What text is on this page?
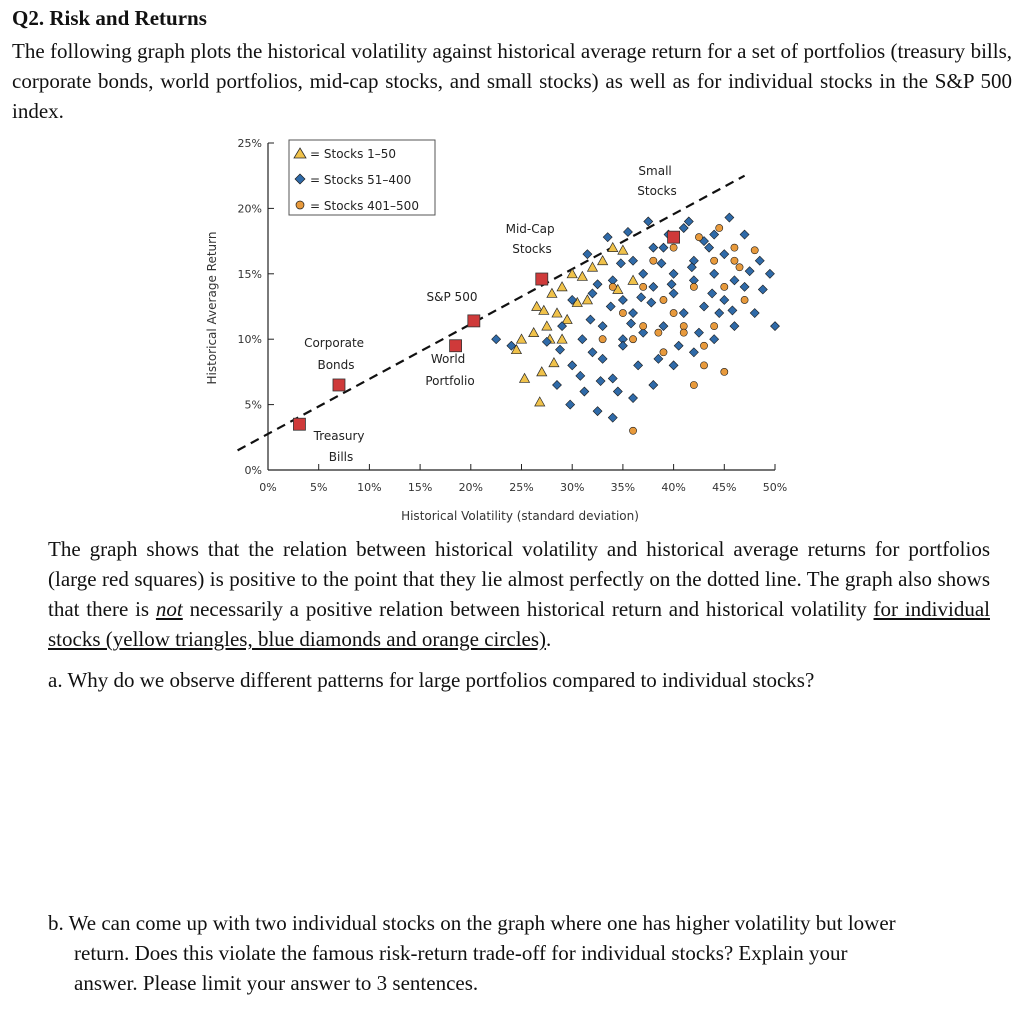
Q2. Risk and Returns

The following graph plots the historical volatility against historical average return for a set of portfolios (treasury bills, corporate bonds, world portfolios, mid-cap stocks, and small stocks) as well as for individual stocks in the S&P 500 index.

0%
5%
10%
15%
20%
25%
0%	5%	10% 15% 20% 25% 30% 35% 40% 45% 50%
Historical Average Return
Historical Volatility (standard deviation)
= Stocks 1–50
= Stocks 51–400
= Stocks 401–500
Treasury Bills
Corporate Bonds	World Portfolio
S&P 500
Mid-Cap Stocks
Small Stocks

The graph shows that the relation between historical volatility and historical average returns for portfolios (large red squares) is positive to the point that they lie almost perfectly on the dotted line. The graph also shows that there is not necessarily a positive relation between historical return and historical volatility for individual stocks (yellow triangles, blue diamonds and orange circles).

a. Why do we observe different patterns for large portfolios compared to individual stocks?

b. We can come up with two individual stocks on the graph where one has higher volatility but lower
return. Does this violate the famous risk-return trade-off for individual stocks? Explain your
answer. Please limit your answer to 3 sentences.
